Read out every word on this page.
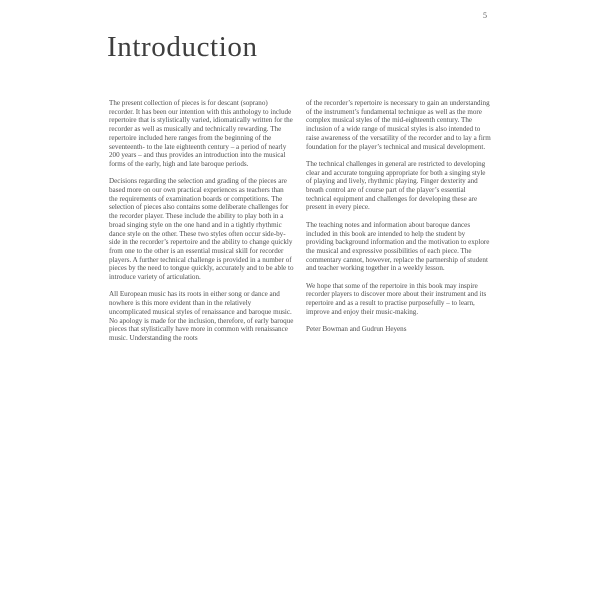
5
Introduction

The present collection of pieces is for descant (soprano) recorder. It has been our intention with this anthology to include repertoire that is stylistically varied, idiomatically written for the recorder as well as musically and technically rewarding. The repertoire included here ranges from the beginning of the seventeenth- to the late eighteenth century – a period of nearly 200 years – and thus provides an introduction into the musical forms of the early, high and late baroque periods.

Decisions regarding the selection and grading of the pieces are based more on our own practical experiences as teachers than the requirements of examination boards or competitions. The selection of pieces also contains some deliberate challenges for the recorder player. These include the ability to play both in a broad singing style on the one hand and in a tightly rhythmic dance style on the other. These two styles often occur side-by-side in the recorder’s repertoire and the ability to change quickly from one to the other is an essential musical skill for recorder players. A further technical challenge is provided in a number of pieces by the need to tongue quickly, accurately and to be able to introduce variety of articulation.

All European music has its roots in either song or dance and nowhere is this more evident than in the relatively uncomplicated musical styles of renaissance and baroque music. No apology is made for the inclusion, therefore, of early baroque pieces that stylistically have more in common with renaissance music. Understanding the roots

of the recorder’s repertoire is necessary to gain an understanding of the instrument’s fundamental technique as well as the more complex musical styles of the mid-eighteenth century. The inclusion of a wide range of musical styles is also intended to raise awareness of the versatility of the recorder and to lay a firm foundation for the player’s technical and musical development.

The technical challenges in general are restricted to developing clear and accurate tonguing appropriate for both a singing style of playing and lively, rhythmic playing. Finger dexterity and breath control are of course part of the player’s essential technical equipment and challenges for developing these are present in every piece.

The teaching notes and information about baroque dances included in this book are intended to help the student by providing background information and the motivation to explore the musical and expressive possibilities of each piece. The commentary cannot, however, replace the partnership of student and teacher working together in a weekly lesson.

We hope that some of the repertoire in this book may inspire recorder players to discover more about their instrument and its repertoire and as a result to practise purposefully – to learn, improve and enjoy their music-making.

Peter Bowman and Gudrun Heyens
